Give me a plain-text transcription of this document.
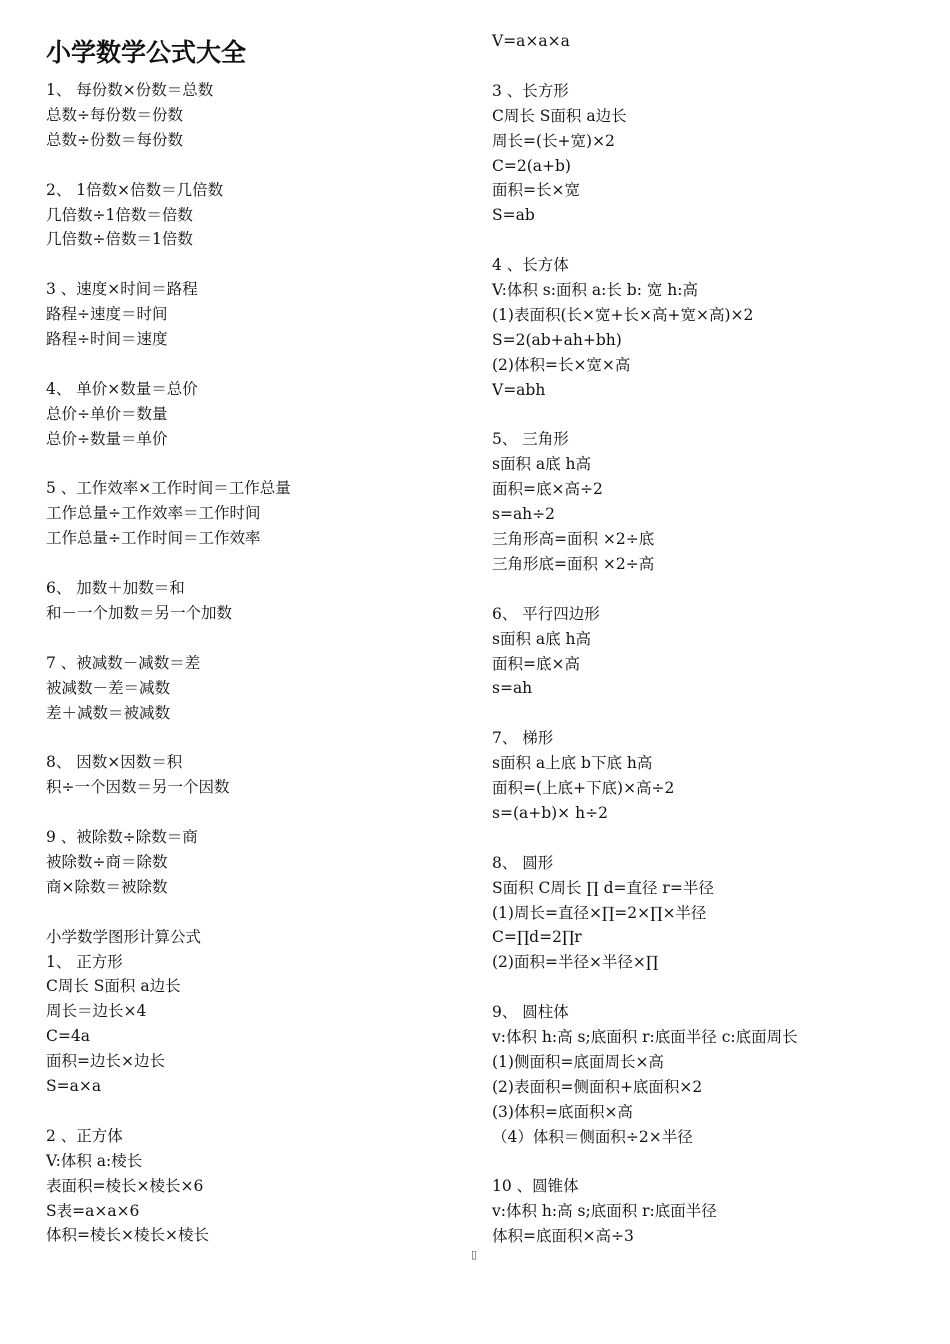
小学数学公式大全
1、 每份数×份数＝总数
总数÷每份数＝份数
总数÷份数＝每份数
2、 1倍数×倍数＝几倍数
几倍数÷1倍数＝倍数
几倍数÷倍数＝1倍数
3 、速度×时间＝路程
路程÷速度＝时间
路程÷时间＝速度
4、 单价×数量＝总价
总价÷单价＝数量
总价÷数量＝单价
5 、工作效率×工作时间＝工作总量
工作总量÷工作效率＝工作时间
工作总量÷工作时间＝工作效率
6、 加数＋加数＝和
和－一个加数＝另一个加数
7 、被减数－减数＝差
被减数－差＝减数
差＋减数＝被减数
8、 因数×因数＝积
积÷一个因数＝另一个因数
9 、被除数÷除数＝商
被除数÷商＝除数
商×除数＝被除数
小学数学图形计算公式
1、 正方形
C周长 S面积 a边长
周长＝边长×4
C=4a
面积=边长×边长
S=a×a
2 、正方体
V:体积 a:棱长
表面积=棱长×棱长×6
S表=a×a×6
体积=棱长×棱长×棱长
V=a×a×a
3 、长方形
C周长 S面积 a边长
周长=(长+宽)×2
C=2(a+b)
面积=长×宽
S=ab
4 、长方体
V:体积 s:面积 a:长 b: 宽 h:高
(1)表面积(长×宽+长×高+宽×高)×2
S=2(ab+ah+bh)
(2)体积=长×宽×高
V=abh
5、 三角形
s面积 a底 h高
面积=底×高÷2
s=ah÷2
三角形高=面积 ×2÷底
三角形底=面积 ×2÷高
6、 平行四边形
s面积 a底 h高
面积=底×高
s=ah
7、 梯形
s面积 a上底 b下底 h高
面积=(上底+下底)×高÷2
s=(a+b)× h÷2
8、 圆形
S面积 C周长 ∏ d=直径 r=半径
(1)周长=直径×∏=2×∏×半径
C=∏d=2∏r
(2)面积=半径×半径×∏
9、 圆柱体
v:体积 h:高 s;底面积 r:底面半径 c:底面周长
(1)侧面积=底面周长×高
(2)表面积=侧面积+底面积×2
(3)体积=底面积×高
（4）体积＝侧面积÷2×半径
10 、圆锥体
v:体积 h:高 s;底面积 r:底面半径
体积=底面积×高÷3
▯
